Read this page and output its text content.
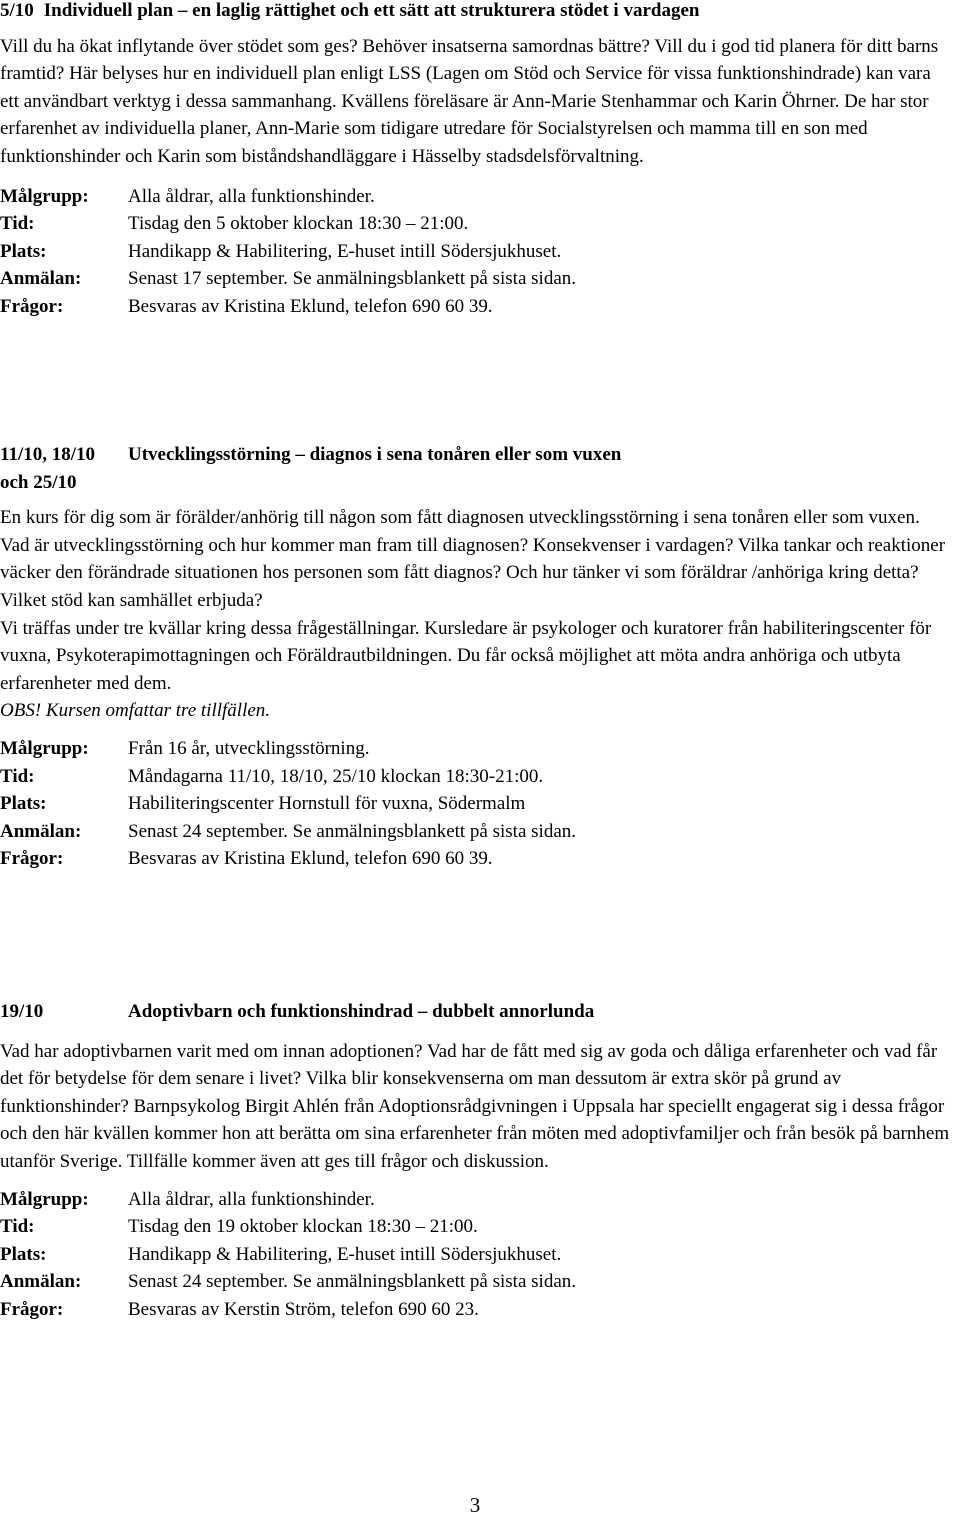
5/10 Individuell plan – en laglig rättighet och ett sätt att strukturera stödet i vardagen

Vill du ha ökat inflytande över stödet som ges? Behöver insatserna samordnas bättre? Vill du i god tid planera för ditt barns framtid? Här belyses hur en individuell plan enligt LSS (Lagen om Stöd och Service för vissa funktionshindrade) kan vara ett användbart verktyg i dessa sammanhang. Kvällens föreläsare är Ann-Marie Stenhammar och Karin Öhrner. De har stor erfarenhet av individuella planer, Ann-Marie som tidigare utredare för Socialstyrelsen och mamma till en son med funktionshinder och Karin som biståndshandläggare i Hässelby stadsdelsförvaltning.

Målgrupp: Alla åldrar, alla funktionshinder.
Tid:	Tisdag den 5 oktober klockan 18:30 – 21:00.
Plats:	Handikapp & Habilitering, E-huset intill Södersjukhuset.
Anmälan: Senast 17 september. Se anmälningsblankett på sista sidan.
Frågor:	Besvaras av Kristina Eklund, telefon 690 60 39.

11/10, 18/10 Utvecklingsstörning – diagnos i sena tonåren eller som vuxen
och 25/10

En kurs för dig som är förälder/anhörig till någon som fått diagnosen utvecklingsstörning i sena tonåren eller som vuxen.

Vad är utvecklingsstörning och hur kommer man fram till diagnosen? Konsekvenser i vardagen? Vilka tankar och reaktioner väcker den förändrade situationen hos personen som fått diagnos? Och hur tänker vi som föräldrar /anhöriga kring detta? Vilket stöd kan samhället erbjuda?

Vi träffas under tre kvällar kring dessa frågeställningar. Kursledare är psykologer och kuratorer från habiliteringscenter för vuxna, Psykoterapimottagningen och Föräldrautbildningen. Du får också möjlighet att möta andra anhöriga och utbyta erfarenheter med dem.

OBS! Kursen omfattar tre tillfällen.

Målgrupp: Från 16 år, utvecklingsstörning.
Tid:	Måndagarna 11/10, 18/10, 25/10 klockan 18:30-21:00.
Plats:	Habiliteringscenter Hornstull för vuxna, Södermalm
Anmälan: Senast 24 september. Se anmälningsblankett på sista sidan.
Frågor:	Besvaras av Kristina Eklund, telefon 690 60 39.

19/10	Adoptivbarn och funktionshindrad – dubbelt annorlunda

Vad har adoptivbarnen varit med om innan adoptionen? Vad har de fått med sig av goda och dåliga erfarenheter och vad får det för betydelse för dem senare i livet? Vilka blir konsekvenserna om man dessutom är extra skör på grund av funktionshinder? Barnpsykolog Birgit Ahlén från Adoptionsrådgivningen i Uppsala har speciellt engagerat sig i dessa frågor och den här kvällen kommer hon att berätta om sina erfarenheter från möten med adoptivfamiljer och från besök på barnhem utanför Sverige. Tillfälle kommer även att ges till frågor och diskussion.

Målgrupp: Alla åldrar, alla funktionshinder.
Tid:	Tisdag den 19 oktober klockan 18:30 – 21:00.
Plats:	Handikapp & Habilitering, E-huset intill Södersjukhuset.
Anmälan: Senast 24 september. Se anmälningsblankett på sista sidan.
Frågor:	Besvaras av Kerstin Ström, telefon 690 60 23.
3
